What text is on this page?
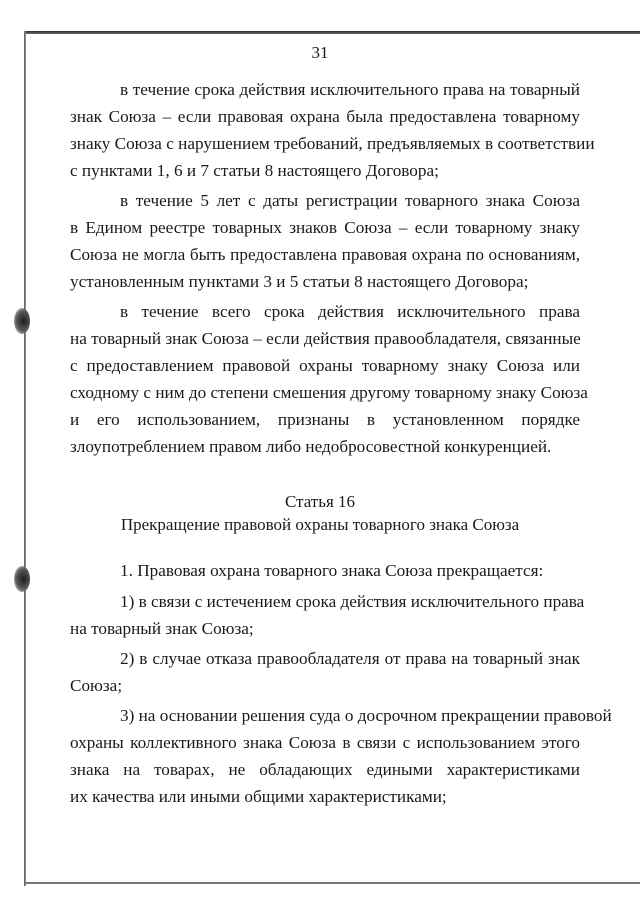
31

в течение срока действия исключительного права на товарный

знак Союза – если правовая охрана была предоставлена товарному

знаку Союза с нарушением требований, предъявляемых в соответствии

с пунктами 1, 6 и 7 статьи 8 настоящего Договора;

в течение 5 лет с даты регистрации товарного знака Союза

в Едином реестре товарных знаков Союза – если товарному знаку

Союза не могла быть предоставлена правовая охрана по основаниям,

установленным пунктами 3 и 5 статьи 8 настоящего Договора;

в течение всего срока действия исключительного права

на товарный знак Союза – если действия правообладателя, связанные

с предоставлением правовой охраны товарному знаку Союза или

сходному с ним до степени смешения другому товарному знаку Союза

и его использованием, признаны в установленном порядке

злоупотреблением правом либо недобросовестной конкуренцией.

Статья 16

Прекращение правовой охраны товарного знака Союза

1. Правовая охрана товарного знака Союза прекращается:

1) в связи с истечением срока действия исключительного права

на товарный знак Союза;

2) в случае отказа правообладателя от права на товарный знак

Союза;

3) на основании решения суда о досрочном прекращении правовой

охраны коллективного знака Союза в связи с использованием этого

знака на товарах, не обладающих едиными характеристиками

их качества или иными общими характеристиками;
